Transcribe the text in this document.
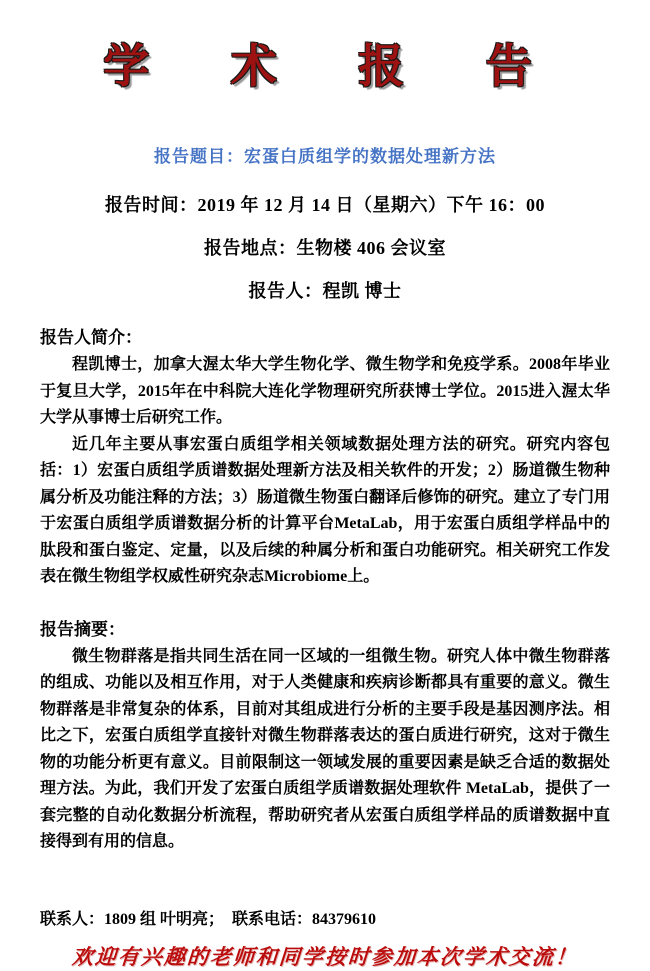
学 术 报 告
报告题目：宏蛋白质组学的数据处理新方法
报告时间：2019 年 12 月 14 日（星期六）下午 16：00
报告地点：生物楼 406 会议室
报告人：程凯 博士
报告人简介：

程凯博士，加拿大渥太华大学生物化学、微生物学和免疫学系。2008年毕业于复旦大学，2015年在中科院大连化学物理研究所获博士学位。2015进入渥太华大学从事博士后研究工作。

近几年主要从事宏蛋白质组学相关领域数据处理方法的研究。研究内容包括：1）宏蛋白质组学质谱数据处理新方法及相关软件的开发；2）肠道微生物种属分析及功能注释的方法；3）肠道微生物蛋白翻译后修饰的研究。建立了专门用于宏蛋白质组学质谱数据分析的计算平台MetaLab，用于宏蛋白质组学样品中的肽段和蛋白鉴定、定量，以及后续的种属分析和蛋白功能研究。相关研究工作发表在微生物组学权威性研究杂志Microbiome上。

报告摘要：

微生物群落是指共同生活在同一区域的一组微生物。研究人体中微生物群落的组成、功能以及相互作用，对于人类健康和疾病诊断都具有重要的意义。微生物群落是非常复杂的体系，目前对其组成进行分析的主要手段是基因测序法。相比之下，宏蛋白质组学直接针对微生物群落表达的蛋白质进行研究，这对于微生物的功能分析更有意义。目前限制这一领域发展的重要因素是缺乏合适的数据处理方法。为此，我们开发了宏蛋白质组学质谱数据处理软件 MetaLab，提供了一套完整的自动化数据分析流程，帮助研究者从宏蛋白质组学样品的质谱数据中直接得到有用的信息。

联系人：1809 组 叶明亮；  联系电话：84379610
欢迎有兴趣的老师和同学按时参加本次学术交流！
